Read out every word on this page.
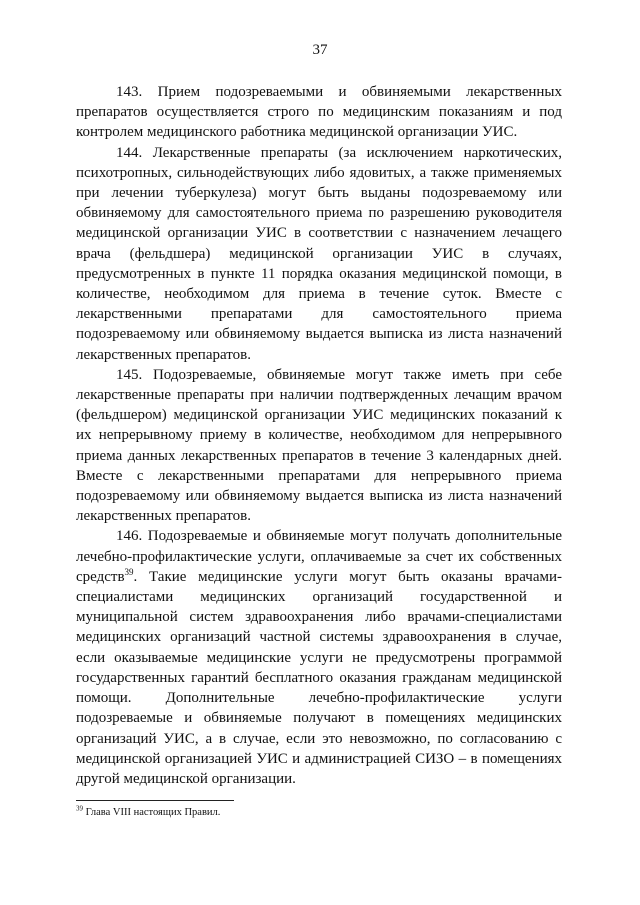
37

143. Прием подозреваемыми и обвиняемыми лекарственных препаратов осуществляется строго по медицинским показаниям и под контролем медицинского работника медицинской организации УИС.

144. Лекарственные препараты (за исключением наркотических, психотропных, сильнодействующих либо ядовитых, а также применяемых при лечении туберкулеза) могут быть выданы подозреваемому или обвиняемому для самостоятельного приема по разрешению руководителя медицинской организации УИС в соответствии с назначением лечащего врача (фельдшера) медицинской организации УИС в случаях, предусмотренных в пункте 11 порядка оказания медицинской помощи, в количестве, необходимом для приема в течение суток. Вместе с лекарственными препаратами для самостоятельного приема подозреваемому или обвиняемому выдается выписка из листа назначений лекарственных препаратов.

145. Подозреваемые, обвиняемые могут также иметь при себе лекарственные препараты при наличии подтвержденных лечащим врачом (фельдшером) медицинской организации УИС медицинских показаний к их непрерывному приему в количестве, необходимом для непрерывного приема данных лекарственных препаратов в течение 3 календарных дней. Вместе с лекарственными препаратами для непрерывного приема подозреваемому или обвиняемому выдается выписка из листа назначений лекарственных препаратов.

146. Подозреваемые и обвиняемые могут получать дополнительные лечебно-профилактические услуги, оплачиваемые за счет их собственных средств$^{39}$. Такие медицинские услуги могут быть оказаны врачами-специалистами медицинских организаций государственной и муниципальной систем здравоохранения либо врачами-специалистами медицинских организаций частной системы здравоохранения в случае, если оказываемые медицинские услуги не предусмотрены программой государственных гарантий бесплатного оказания гражданам медицинской помощи. Дополнительные лечебно-профилактические услуги подозреваемые и обвиняемые получают в помещениях медицинских организаций УИС, а в случае, если это невозможно, по согласованию с медицинской организацией УИС и администрацией СИЗО – в помещениях другой медицинской организации.

$^{39}$ Глава VIII настоящих Правил.
